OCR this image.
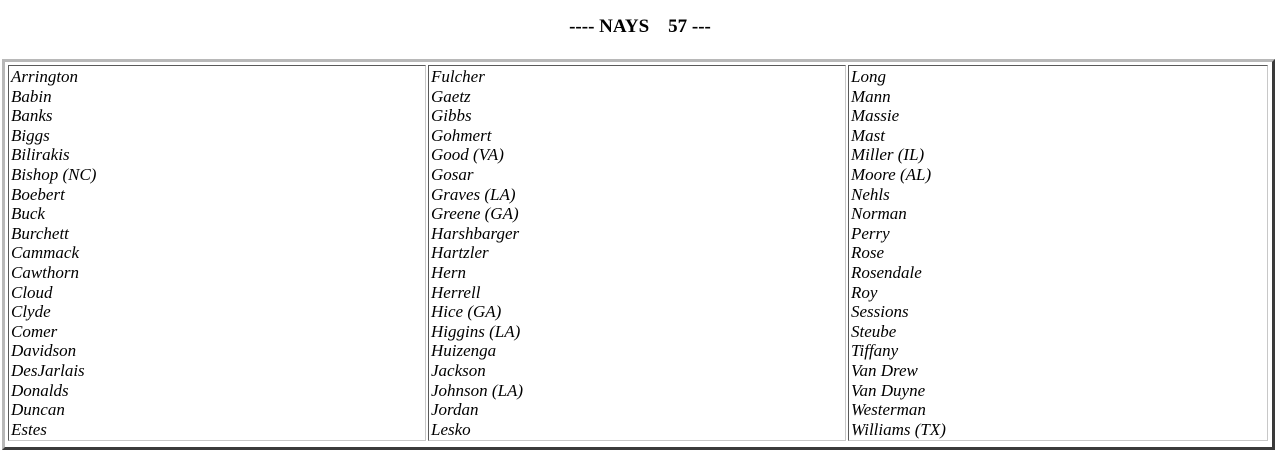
---- NAYS    57 ---
Arrington
Babin
Banks
Biggs
Bilirakis
Bishop (NC)
Boebert
Buck
Burchett
Cammack
Cawthorn
Cloud
Clyde
Comer
Davidson
DesJarlais
Donalds
Duncan
Estes
Fulcher
Gaetz
Gibbs
Gohmert
Good (VA)
Gosar
Graves (LA)
Greene (GA)
Harshbarger
Hartzler
Hern
Herrell
Hice (GA)
Higgins (LA)
Huizenga
Jackson
Johnson (LA)
Jordan
Lesko
Long
Mann
Massie
Mast
Miller (IL)
Moore (AL)
Nehls
Norman
Perry
Rose
Rosendale
Roy
Sessions
Steube
Tiffany
Van Drew
Van Duyne
Westerman
Williams (TX)
